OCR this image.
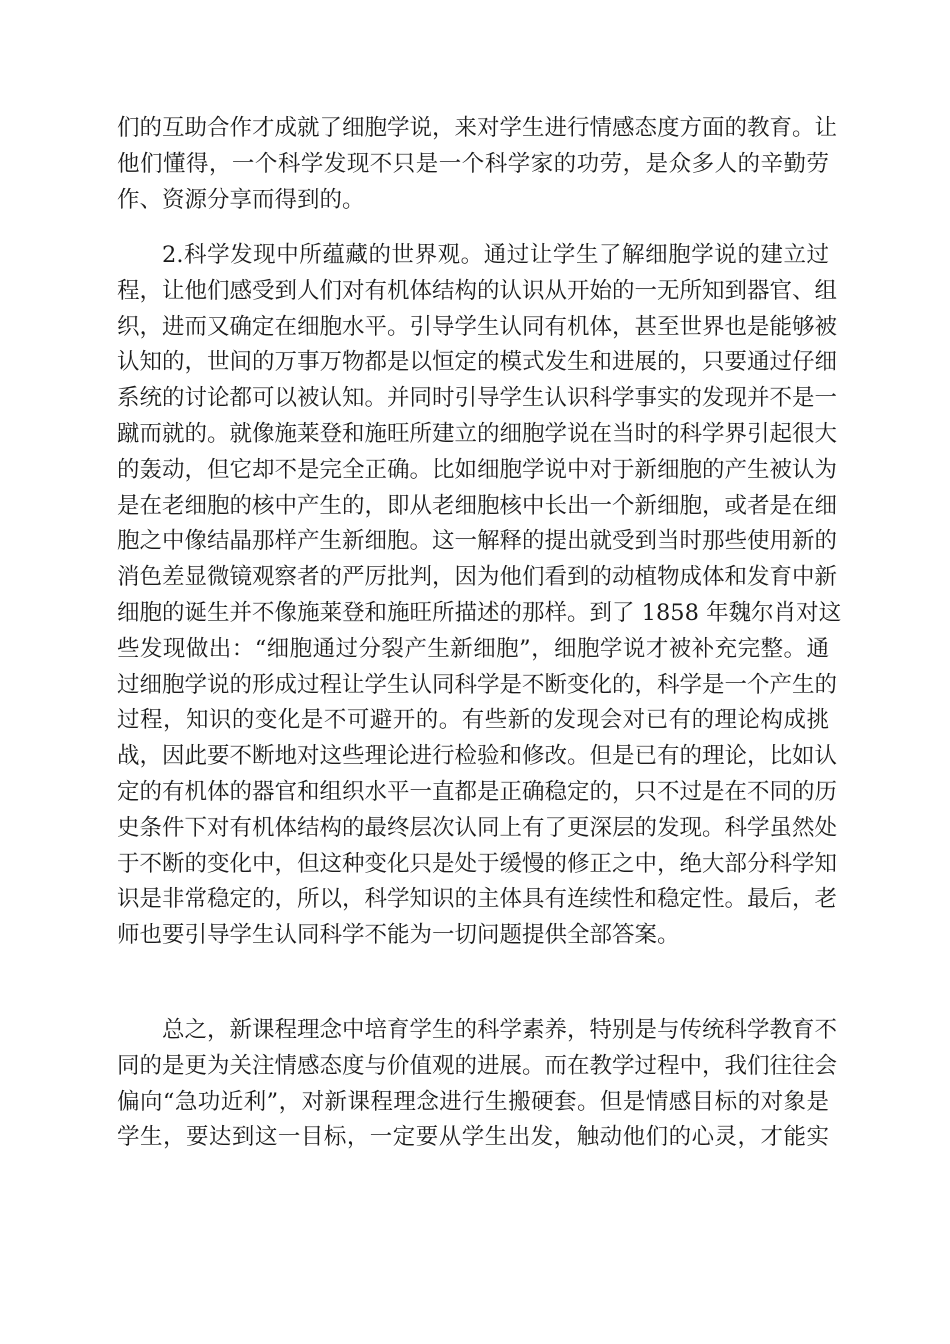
们的互助合作才成就了细胞学说，来对学生进行情感态度方面的教育。让
他们懂得，一个科学发现不只是一个科学家的功劳，是众多人的辛勤劳
作、资源分享而得到的。
2.科学发现中所蕴藏的世界观。通过让学生了解细胞学说的建立过
程，让他们感受到人们对有机体结构的认识从开始的一无所知到器官、组
织，进而又确定在细胞水平。引导学生认同有机体，甚至世界也是能够被
认知的，世间的万事万物都是以恒定的模式发生和进展的，只要通过仔细
系统的讨论都可以被认知。并同时引导学生认识科学事实的发现并不是一
蹴而就的。就像施莱登和施旺所建立的细胞学说在当时的科学界引起很大
的轰动，但它却不是完全正确。比如细胞学说中对于新细胞的产生被认为
是在老细胞的核中产生的，即从老细胞核中长出一个新细胞，或者是在细
胞之中像结晶那样产生新细胞。这一解释的提出就受到当时那些使用新的
消色差显微镜观察者的严厉批判，因为他们看到的动植物成体和发育中新
细胞的诞生并不像施莱登和施旺所描述的那样。到了 1858 年魏尔肖对这
些发现做出：“细胞通过分裂产生新细胞”，细胞学说才被补充完整。通
过细胞学说的形成过程让学生认同科学是不断变化的，科学是一个产生的
过程，知识的变化是不可避开的。有些新的发现会对已有的理论构成挑
战，因此要不断地对这些理论进行检验和修改。但是已有的理论，比如认
定的有机体的器官和组织水平一直都是正确稳定的，只不过是在不同的历
史条件下对有机体结构的最终层次认同上有了更深层的发现。科学虽然处
于不断的变化中，但这种变化只是处于缓慢的修正之中，绝大部分科学知
识是非常稳定的，所以，科学知识的主体具有连续性和稳定性。最后，老
师也要引导学生认同科学不能为一切问题提供全部答案。
总之，新课程理念中培育学生的科学素养，特别是与传统科学教育不
同的是更为关注情感态度与价值观的进展。而在教学过程中，我们往往会
偏向“急功近利”，对新课程理念进行生搬硬套。但是情感目标的对象是
学生，要达到这一目标，一定要从学生出发，触动他们的心灵，才能实
